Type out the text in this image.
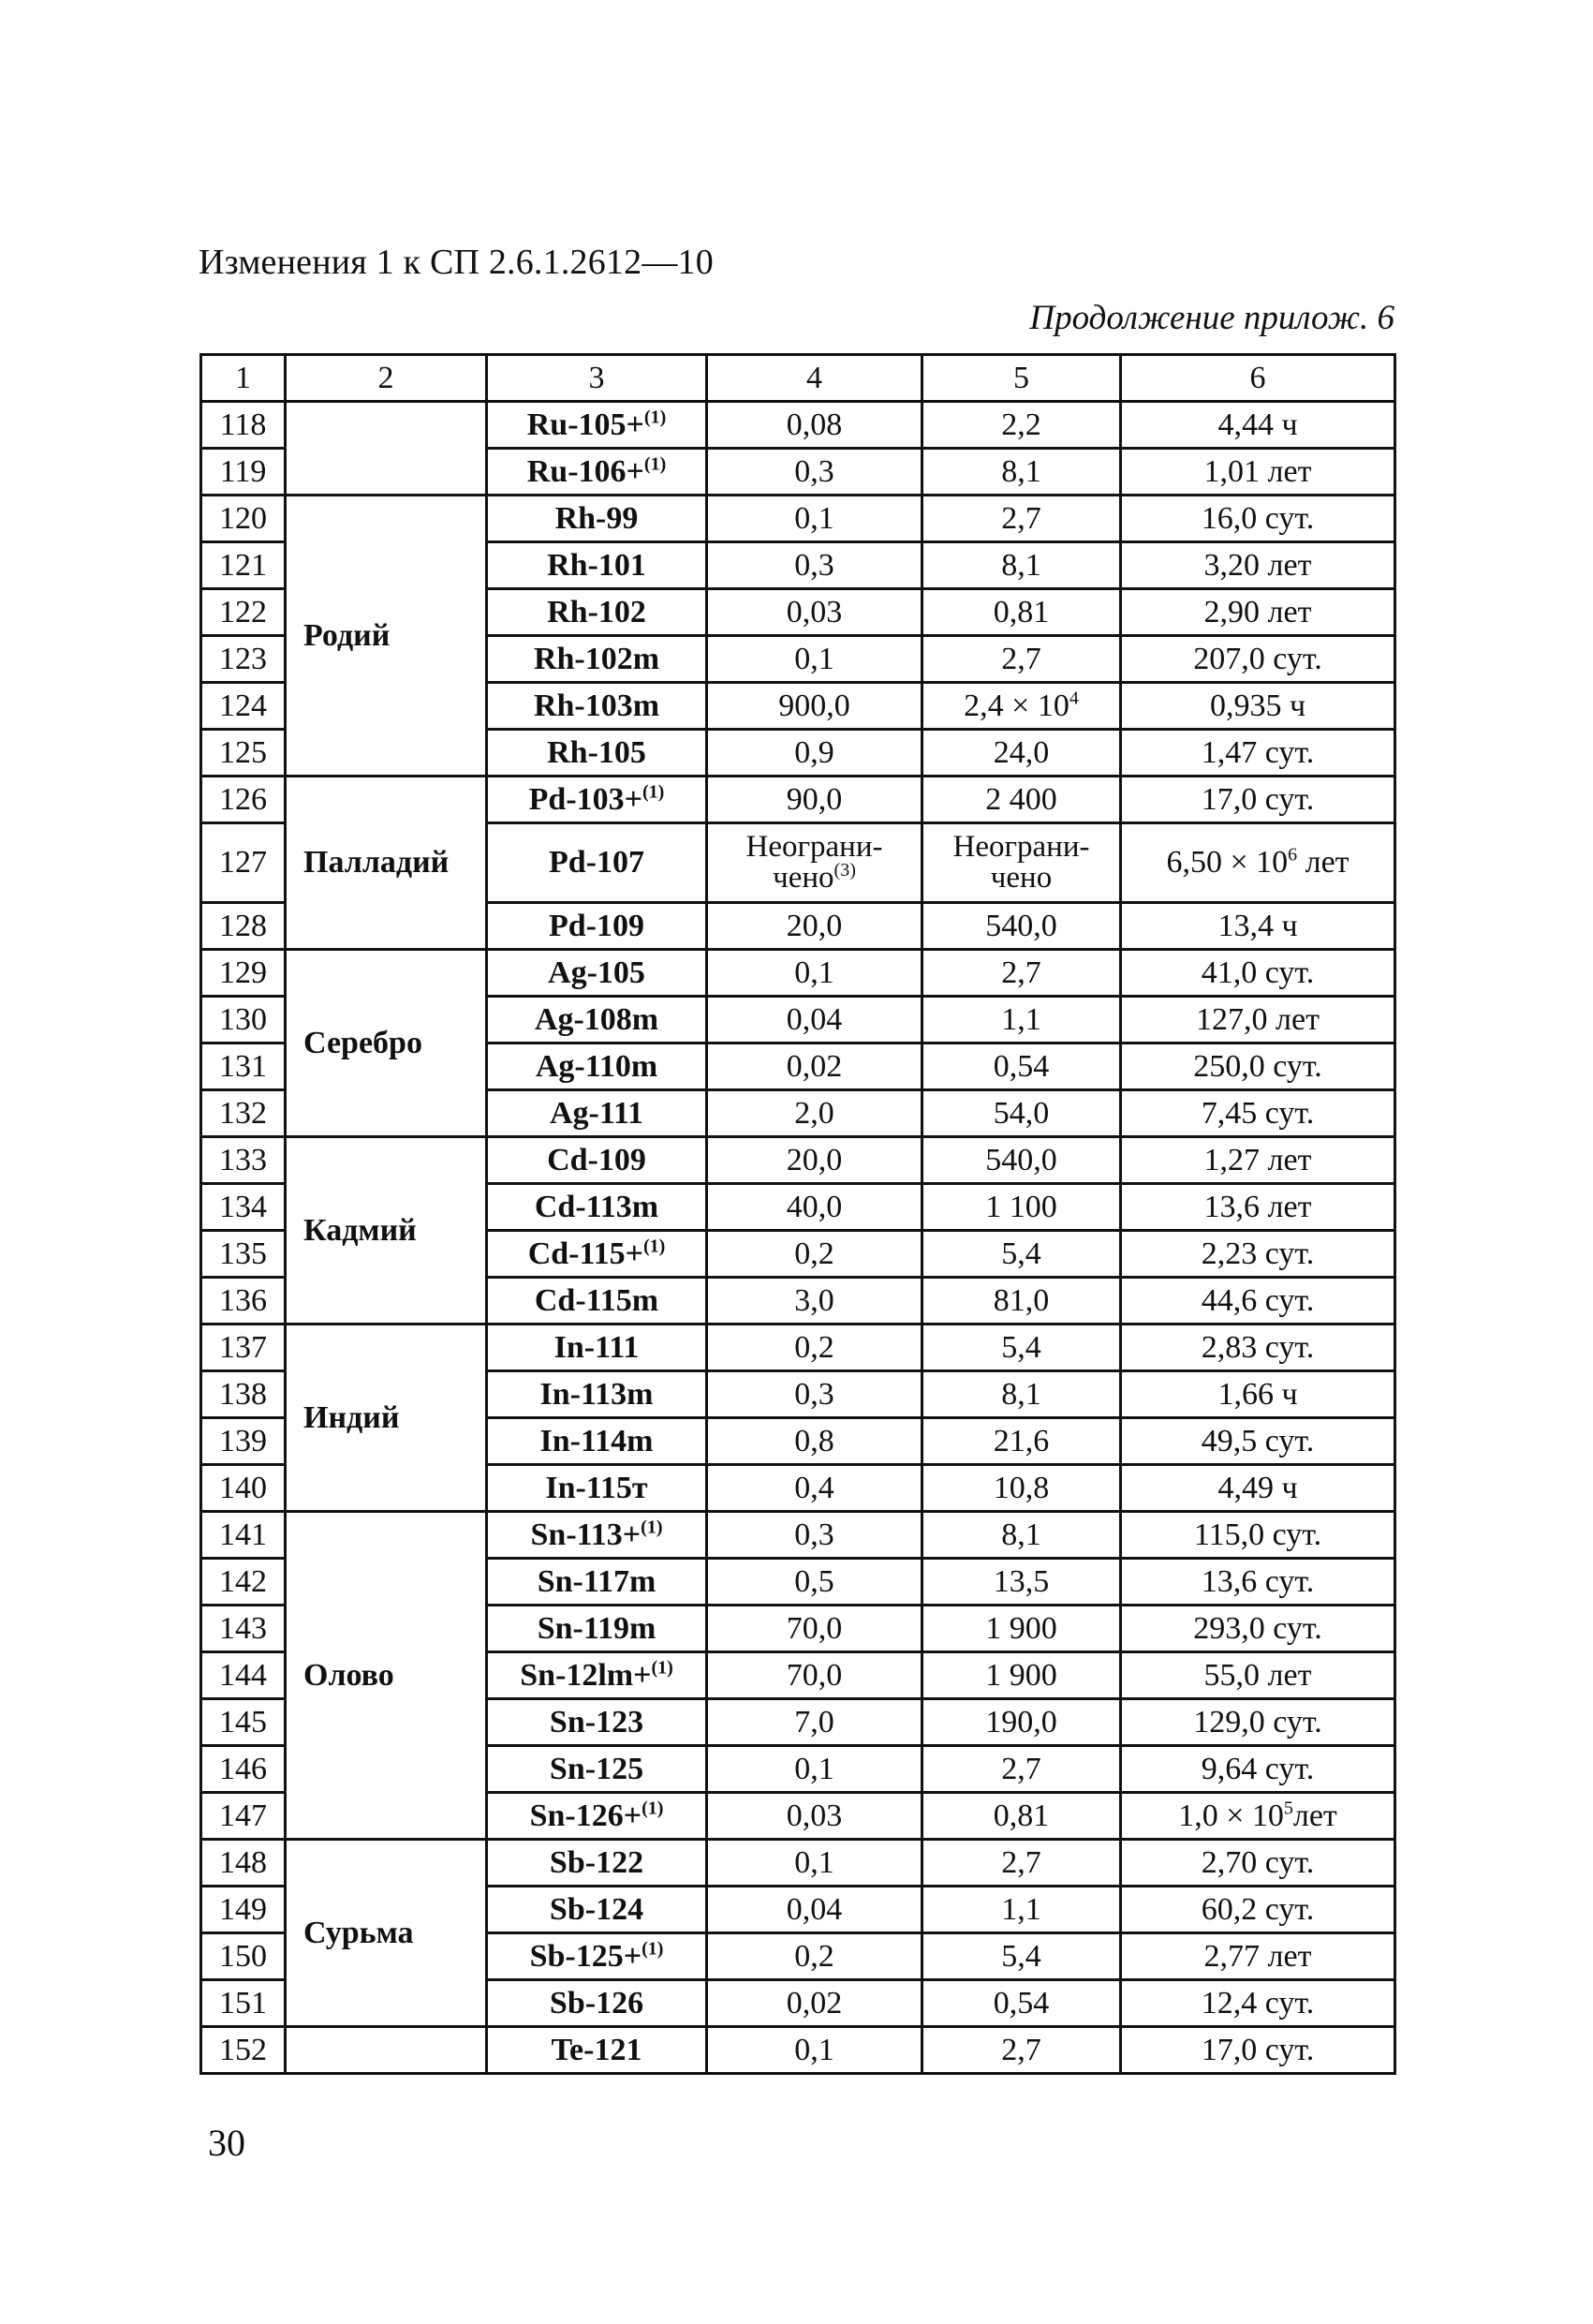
Изменения 1 к СП 2.6.1.2612—10
Продолжение прилож. 6
1	2	3	4	5	6
118		Ru-105+$^{(1)}$	0,08	2,2	4,44 ч
119		Ru-106+$^{(1)}$	0,3	8,1	1,01 лет
120	Родий	Rh-99	0,1	2,7	16,0 сут.
121		Rh-101	0,3	8,1	3,20 лет
122		Rh-102	0,03	0,81	2,90 лет
123		Rh-102m	0,1	2,7	207,0 сут.
124		Rh-103m	900,0	$2,4 \times 10^4$	0,935 ч
125		Rh-105	0,9	24,0	1,47 сут.
126	Палладий	Pd-103+$^{(1)}$	90,0	2 400	17,0 сут.
127		Pd-107	Неограни- чено$^{(3)}$	Неограни- чено	$6,50 \times 10^6$ лет
128		Pd-109	20,0	540,0	13,4 ч
129	Серебро	Ag-105	0,1	2,7	41,0 сут.
130		Ag-108m	0,04	1,1	127,0 лет
131		Ag-110m	0,02	0,54	250,0 сут.
132		Ag-111	2,0	54,0	7,45 сут.
133	Кадмий	Cd-109	20,0	540,0	1,27 лет
134		Cd-113m	40,0	1 100	13,6 лет
135		Cd-115+$^{(1)}$	0,2	5,4	2,23 сут.
136		Cd-115m	3,0	81,0	44,6 сут.
137	Индий	In-111	0,2	5,4	2,83 сут.
138		In-113m	0,3	8,1	1,66 ч
139		In-114m	0,8	21,6	49,5 сут.
140		In-115т	0,4	10,8	4,49 ч
141	Олово	Sn-113+$^{(1)}$	0,3	8,1	115,0 сут.
142		Sn-117m	0,5	13,5	13,6 сут.
143		Sn-119m	70,0	1 900	293,0 сут.
144		Sn-12lm+$^{(1)}$	70,0	1 900	55,0 лет
145		Sn-123	7,0	190,0	129,0 сут.
146		Sn-125	0,1	2,7	9,64 сут.
147		Sn-126+$^{(1)}$	0,03	0,81	$1,0 \times 10^5лет$
148	Сурьма	Sb-122	0,1	2,7	2,70 сут.
149		Sb-124	0,04	1,1	60,2 сут.
150		Sb-125+$^{(1)}$	0,2	5,4	2,77 лет
151		Sb-126	0,02	0,54	12,4 сут.
152		Te-121	0,1	2,7	17,0 сут.
30
